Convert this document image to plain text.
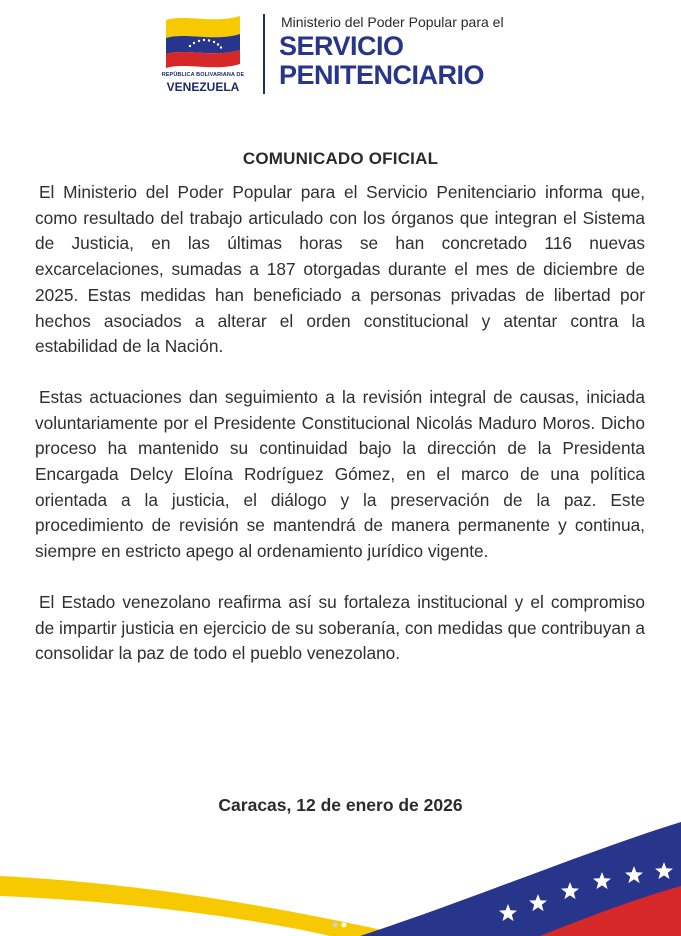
REPÚBLICA BOLIVARIANA DE
VENEZUELA
Ministerio del Poder Popular para el
SERVICIO
PENITENCIARIO
COMUNICADO OFICIAL

El Ministerio del Poder Popular para el Servicio Penitenciario informa que, como resultado del trabajo articulado con los órganos que integran el Sistema de Justicia, en las últimas horas se han concretado 116 nuevas excarcelaciones, sumadas a 187 otorgadas durante el mes de diciembre de 2025. Estas medidas han beneficiado a personas privadas de libertad por hechos asociados a alterar el orden constitucional y atentar contra la estabilidad de la Nación.

Estas actuaciones dan seguimiento a la revisión integral de causas, iniciada voluntariamente por el Presidente Constitucional Nicolás Maduro Moros. Dicho proceso ha mantenido su continuidad bajo la dirección de la Presidenta Encargada Delcy Eloína Rodríguez Gómez, en el marco de una política orientada a la justicia, el diálogo y la preservación de la paz. Este procedimiento de revisión se mantendrá de manera permanente y continua, siempre en estricto apego al ordenamiento jurídico vigente.

El Estado venezolano reafirma así su fortaleza institucional y el compromiso de impartir justicia en ejercicio de su soberanía, con medidas que contribuyan a consolidar la paz de todo el pueblo venezolano.

Caracas, 12 de enero de 2026
